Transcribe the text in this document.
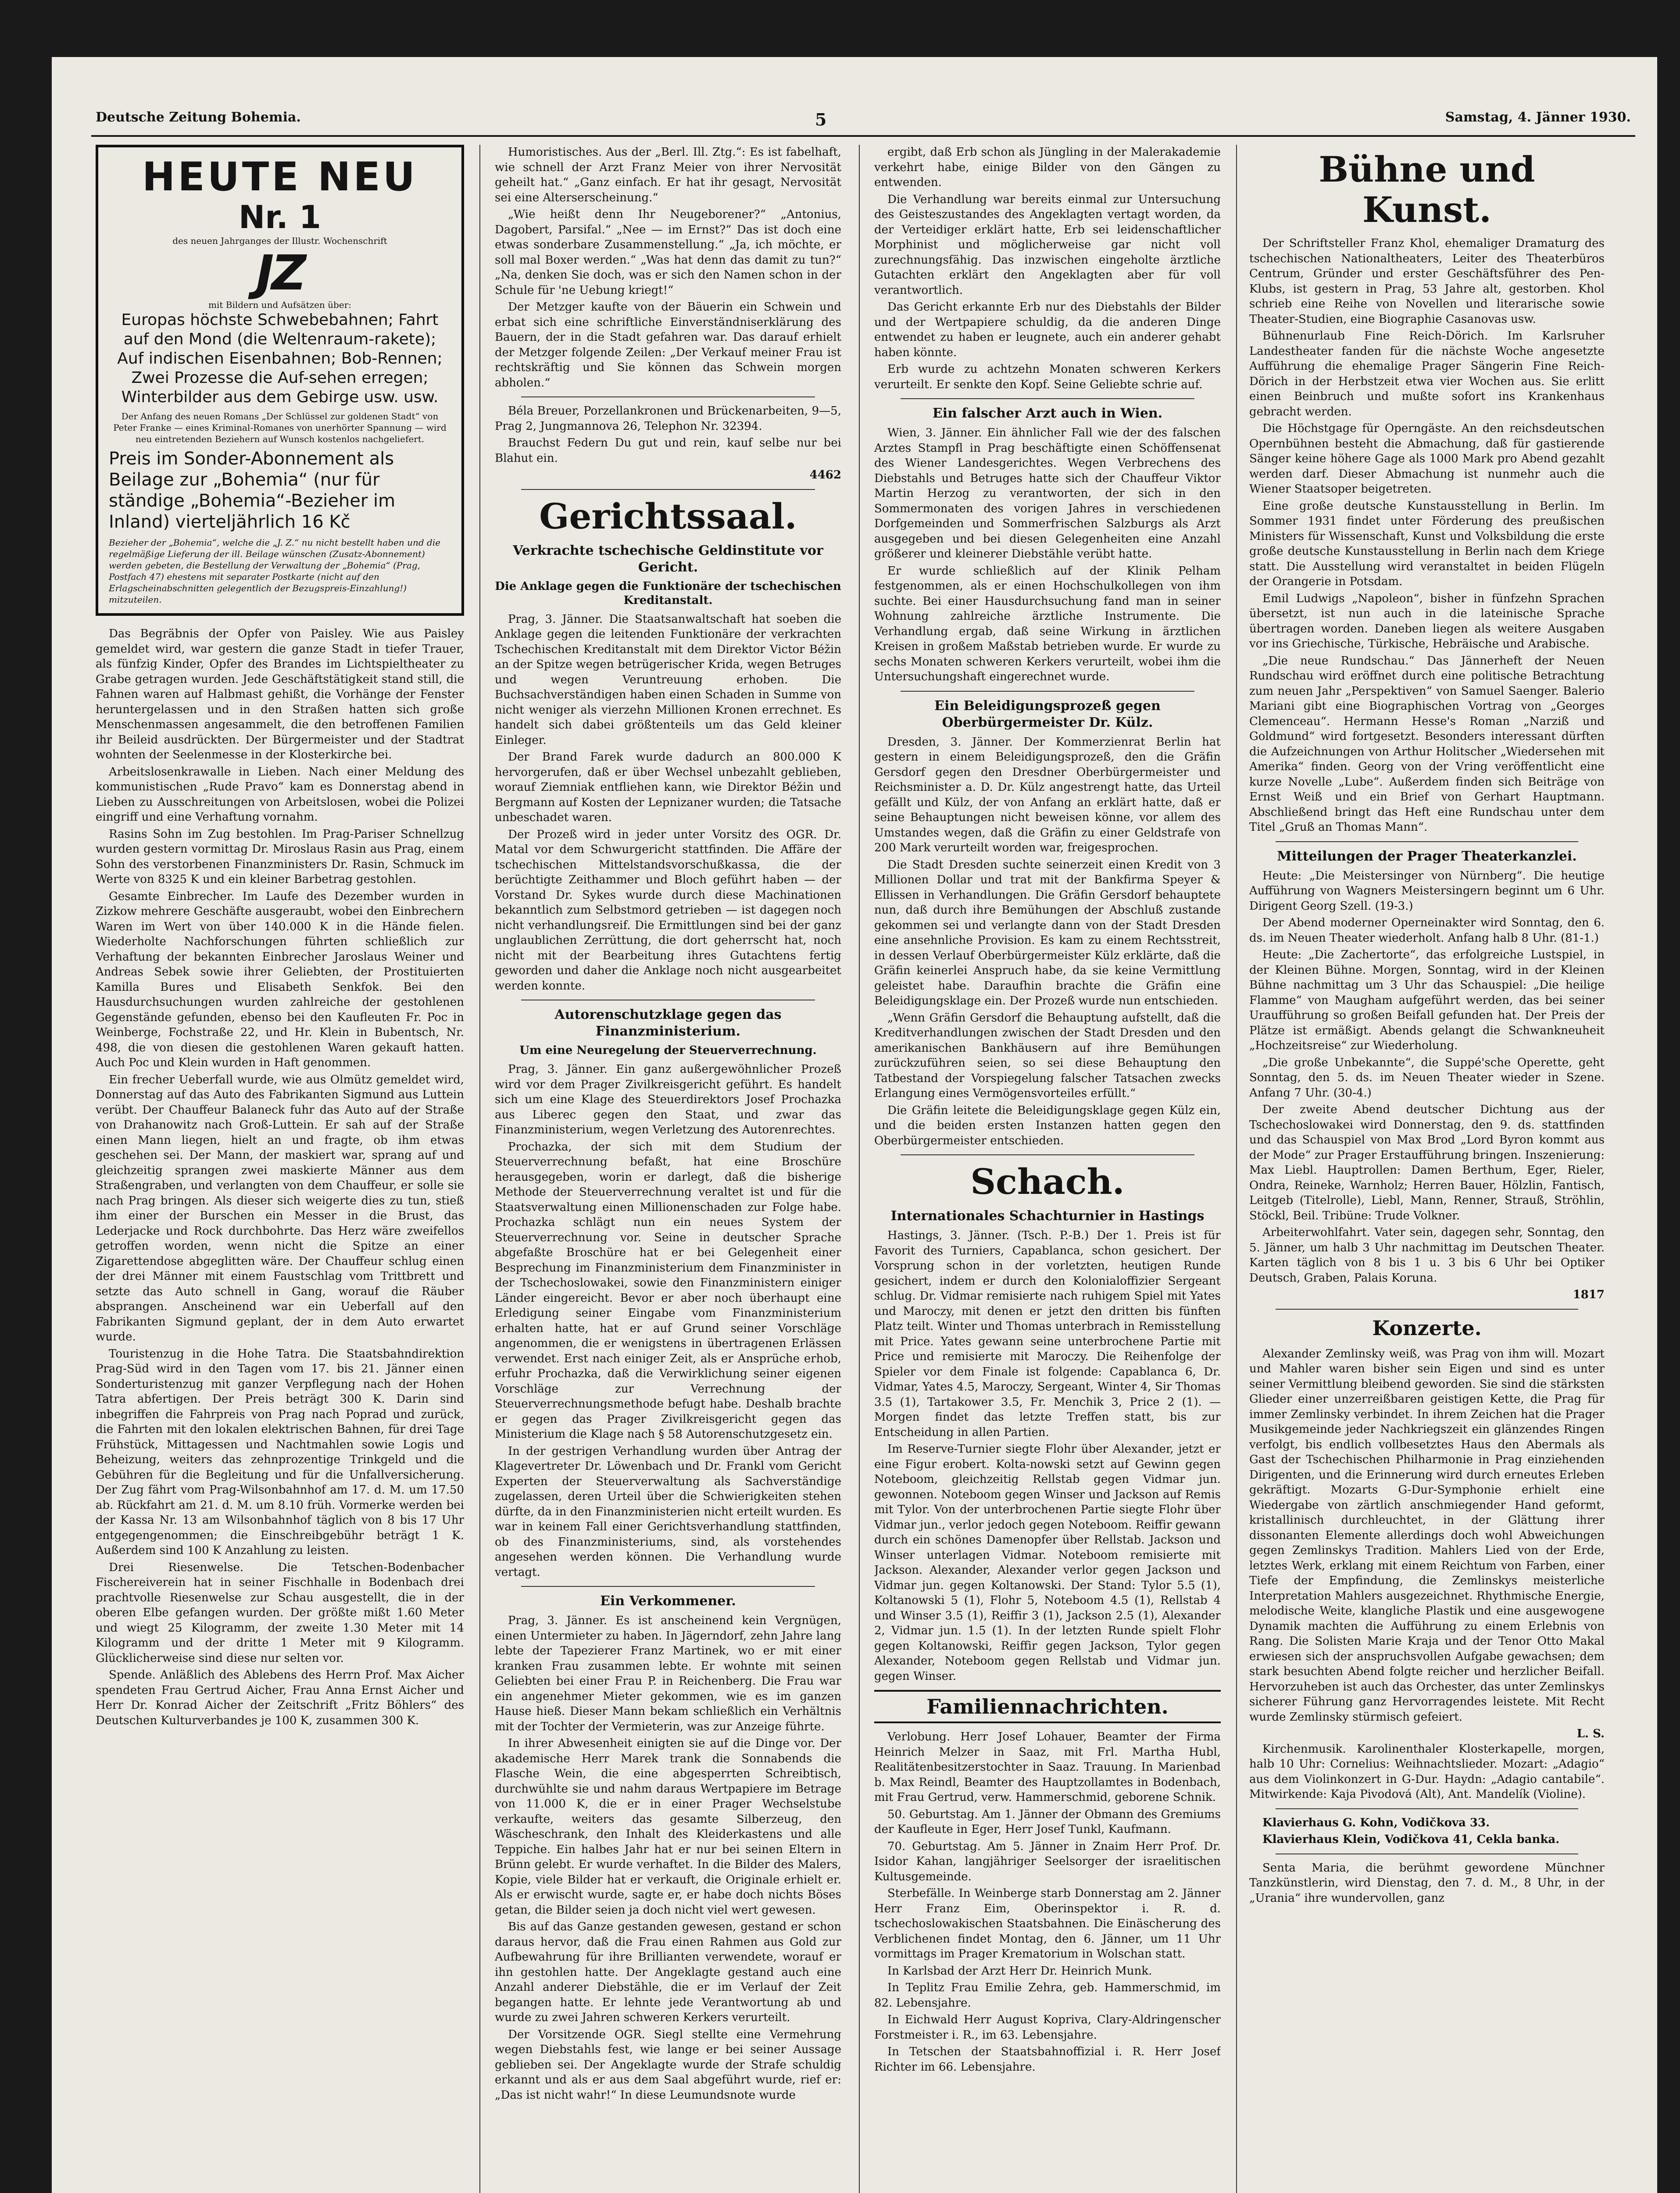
Deutsche Zeitung Bohemia.	5	Samstag, 4. Jänner 1930.
HEUTE NEU
Nr. 1
des neuen Jahrganges der Illustr. Wochenschrift
JZ
mit Bildern und Aufsätzen über:
Europas höchste Schwebebahnen; Fahrt auf den Mond (die Weltenraum-rakete); Auf indischen Eisenbahnen; Bob-Rennen; Zwei Prozesse die Auf-sehen erregen; Winterbilder aus dem Gebirge usw. usw.
Der Anfang des neuen Romans „Der Schlüssel zur goldenen Stadt“ von Peter Franke — eines Kriminal-Romanes von unerhörter Spannung — wird neu eintretenden Beziehern auf Wunsch kostenlos nachgeliefert.
Preis im Sonder-Abonnement als Beilage zur „Bohemia“ (nur für ständige „Bohemia“-Bezieher im Inland) vierteljährlich 16 Kč
Bezieher der „Bohemia“, welche die „J. Z.“ nu nicht bestellt haben und die regelmäßige Lieferung der ill. Beilage wünschen (Zusatz-Abonnement) werden gebeten, die Bestellung der Verwaltung der „Bohemia“ (Prag, Postfach 47) ehestens mit separater Postkarte (nicht auf den Erlagscheinabschnitten gelegentlich der Bezugspreis-Einzahlung!) mitzuteilen.

Das Begräbnis der Opfer von Paisley. Wie aus Paisley gemeldet wird, war gestern die ganze Stadt in tiefer Trauer, als fünfzig Kinder, Opfer des Brandes im Lichtspieltheater zu Grabe getragen wurden. Jede Geschäftstätigkeit stand still, die Fahnen waren auf Halbmast gehißt, die Vorhänge der Fenster heruntergelassen und in den Straßen hatten sich große Menschenmassen angesammelt, die den betroffenen Familien ihr Beileid ausdrückten. Der Bürgermeister und der Stadtrat wohnten der Seelenmesse in der Klosterkirche bei.

Arbeitslosenkrawalle in Lieben. Nach einer Meldung des kommunistischen „Rude Pravo“ kam es Donnerstag abend in Lieben zu Ausschreitungen von Arbeitslosen, wobei die Polizei eingriff und eine Verhaftung vornahm.

Rasins Sohn im Zug bestohlen. Im Prag-Pariser Schnellzug wurden gestern vormittag Dr. Miroslaus Rasin aus Prag, einem Sohn des verstorbenen Finanzministers Dr. Rasin, Schmuck im Werte von 8325 K und ein kleiner Barbetrag gestohlen.

Gesamte Einbrecher. Im Laufe des Dezember wurden in Zizkow mehrere Geschäfte ausgeraubt, wobei den Einbrechern Waren im Wert von über 140.000 K in die Hände fielen. Wiederholte Nachforschungen führten schließlich zur Verhaftung der bekannten Einbrecher Jaroslaus Weiner und Andreas Sebek sowie ihrer Geliebten, der Prostituierten Kamilla Bures und Elisabeth Senkfok. Bei den Hausdurchsuchungen wurden zahlreiche der gestohlenen Gegenstände gefunden, ebenso bei den Kaufleuten Fr. Poc in Weinberge, Fochstraße 22, und Hr. Klein in Bubentsch, Nr. 498, die von diesen die gestohlenen Waren gekauft hatten. Auch Poc und Klein wurden in Haft genommen.

Ein frecher Ueberfall wurde, wie aus Olmütz gemeldet wird, Donnerstag auf das Auto des Fabrikanten Sigmund aus Luttein verübt. Der Chauffeur Balaneck fuhr das Auto auf der Straße von Drahanowitz nach Groß-Luttein. Er sah auf der Straße einen Mann liegen, hielt an und fragte, ob ihm etwas geschehen sei. Der Mann, der maskiert war, sprang auf und gleichzeitig sprangen zwei maskierte Männer aus dem Straßengraben, und verlangten von dem Chauffeur, er solle sie nach Prag bringen. Als dieser sich weigerte dies zu tun, stieß ihm einer der Burschen ein Messer in die Brust, das Lederjacke und Rock durchbohrte. Das Herz wäre zweifellos getroffen worden, wenn nicht die Spitze an einer Zigarettendose abgeglitten wäre. Der Chauffeur schlug einen der drei Männer mit einem Faustschlag vom Trittbrett und setzte das Auto schnell in Gang, worauf die Räuber absprangen. Anscheinend war ein Ueberfall auf den Fabrikanten Sigmund geplant, der in dem Auto erwartet wurde.

Touristenzug in die Hohe Tatra. Die Staatsbahndirektion Prag-Süd wird in den Tagen vom 17. bis 21. Jänner einen Sonderturistenzug mit ganzer Verpflegung nach der Hohen Tatra abfertigen. Der Preis beträgt 300 K. Darin sind inbegriffen die Fahrpreis von Prag nach Poprad und zurück, die Fahrten mit den lokalen elektrischen Bahnen, für drei Tage Frühstück, Mittagessen und Nachtmahlen sowie Logis und Beheizung, weiters das zehnprozentige Trinkgeld und die Gebühren für die Begleitung und für die Unfallversicherung. Der Zug fährt vom Prag-Wilsonbahnhof am 17. d. M. um 17.50 ab. Rückfahrt am 21. d. M. um 8.10 früh. Vormerke werden bei der Kassa Nr. 13 am Wilsonbahnhof täglich von 8 bis 17 Uhr entgegengenommen; die Einschreibgebühr beträgt 1 K. Außerdem sind 100 K Anzahlung zu leisten.

Drei Riesenwelse. Die Tetschen-Bodenbacher Fischereiverein hat in seiner Fischhalle in Bodenbach drei prachtvolle Riesenwelse zur Schau ausgestellt, die in der oberen Elbe gefangen wurden. Der größte mißt 1.60 Meter und wiegt 25 Kilogramm, der zweite 1.30 Meter mit 14 Kilogramm und der dritte 1 Meter mit 9 Kilogramm. Glücklicherweise sind diese nur selten vor.

Spende. Anläßlich des Ablebens des Herrn Prof. Max Aicher spendeten Frau Gertrud Aicher, Frau Anna Ernst Aicher und Herr Dr. Konrad Aicher der Zeitschrift „Fritz Böhlers“ des Deutschen Kulturverbandes je 100 K, zusammen 300 K.

Humoristisches. Aus der „Berl. Ill. Ztg.“: Es ist fabelhaft, wie schnell der Arzt Franz Meier von ihrer Nervosität geheilt hat.“ „Ganz einfach. Er hat ihr gesagt, Nervosität sei eine Alterserscheinung.“

„Wie heißt denn Ihr Neugeborener?“ „Antonius, Dagobert, Parsifal.“ „Nee — im Ernst?“ Das ist doch eine etwas sonderbare Zusammenstellung.“ „Ja, ich möchte, er soll mal Boxer werden.“ „Was hat denn das damit zu tun?“ „Na, denken Sie doch, was er sich den Namen schon in der Schule für 'ne Uebung kriegt!“

Der Metzger kaufte von der Bäuerin ein Schwein und erbat sich eine schriftliche Einverständniserklärung des Bauern, der in die Stadt gefahren war. Das darauf erhielt der Metzger folgende Zeilen: „Der Verkauf meiner Frau ist rechtskräftig und Sie können das Schwein morgen abholen.“

Béla Breuer, Porzellankronen und Brückenarbeiten, 9—5, Prag 2, Jungmannova 26, Telephon Nr. 32394.

Brauchst Federn Du gut und rein, kauf selbe nur bei Blahut ein.

4462
Gerichtssaal.
Verkrachte tschechische Geldinstitute vor Gericht.
Die Anklage gegen die Funktionäre der tschechischen Kreditanstalt.

Prag, 3. Jänner. Die Staatsanwaltschaft hat soeben die Anklage gegen die leitenden Funktionäre der verkrachten Tschechischen Kreditanstalt mit dem Direktor Victor Béžin an der Spitze wegen betrügerischer Krida, wegen Betruges und wegen Veruntreuung erhoben. Die Buchsachverständigen haben einen Schaden in Summe von nicht weniger als vierzehn Millionen Kronen errechnet. Es handelt sich dabei größtenteils um das Geld kleiner Einleger.

Der Brand Farek wurde dadurch an 800.000 K hervorgerufen, daß er über Wechsel unbezahlt geblieben, worauf Ziemniak entfliehen kann, wie Direktor Béžin und Bergmann auf Kosten der Lepnizaner wurden; die Tatsache unbeschadet waren.

Der Prozeß wird in jeder unter Vorsitz des OGR. Dr. Matal vor dem Schwurgericht stattfinden. Die Affäre der tschechischen Mittelstandsvorschußkassa, die der berüchtigte Zeithammer und Bloch geführt haben — der Vorstand Dr. Sykes wurde durch diese Machinationen bekanntlich zum Selbstmord getrieben — ist dagegen noch nicht verhandlungsreif. Die Ermittlungen sind bei der ganz unglaublichen Zerrüttung, die dort geherrscht hat, noch nicht mit der Bearbeitung ihres Gutachtens fertig geworden und daher die Anklage noch nicht ausgearbeitet werden konnte.

Autorenschutzklage gegen das Finanzministerium.
Um eine Neuregelung der Steuerverrechnung.

Prag, 3. Jänner. Ein ganz außergewöhnlicher Prozeß wird vor dem Prager Zivilkreisgericht geführt. Es handelt sich um eine Klage des Steuerdirektors Josef Prochazka aus Liberec gegen den Staat, und zwar das Finanzministerium, wegen Verletzung des Autorenrechtes.

Prochazka, der sich mit dem Studium der Steuerverrechnung befaßt, hat eine Broschüre herausgegeben, worin er darlegt, daß die bisherige Methode der Steuerverrechnung veraltet ist und für die Staatsverwaltung einen Millionenschaden zur Folge habe. Prochazka schlägt nun ein neues System der Steuerverrechnung vor. Seine in deutscher Sprache abgefaßte Broschüre hat er bei Gelegenheit einer Besprechung im Finanzministerium dem Finanzminister in der Tschechoslowakei, sowie den Finanzministern einiger Länder eingereicht. Bevor er aber noch überhaupt eine Erledigung seiner Eingabe vom Finanzministerium erhalten hatte, hat er auf Grund seiner Vorschläge angenommen, die er wenigstens in übertragenen Erlässen verwendet. Erst nach einiger Zeit, als er Ansprüche erhob, erfuhr Prochazka, daß die Verwirklichung seiner eigenen Vorschläge zur Verrechnung der Steuerverrechnungsmethode befugt habe. Deshalb brachte er gegen das Prager Zivilkreisgericht gegen das Ministerium die Klage nach § 58 Autorenschutzgesetz ein.

In der gestrigen Verhandlung wurden über Antrag der Klagevertreter Dr. Löwenbach und Dr. Frankl vom Gericht Experten der Steuerverwaltung als Sachverständige zugelassen, deren Urteil über die Schwierigkeiten stehen dürfte, da in den Finanzministerien nicht erteilt wurden. Es war in keinem Fall einer Gerichtsverhandlung stattfinden, ob des Finanzministeriums, sind, als vorstehendes angesehen werden können. Die Verhandlung wurde vertagt.

Ein Verkommener.

Prag, 3. Jänner. Es ist anscheinend kein Vergnügen, einen Untermieter zu haben. In Jägerndorf, zehn Jahre lang lebte der Tapezierer Franz Martinek, wo er mit einer kranken Frau zusammen lebte. Er wohnte mit seinen Geliebten bei einer Frau P. in Reichenberg. Die Frau war ein angenehmer Mieter gekommen, wie es im ganzen Hause hieß. Dieser Mann bekam schließlich ein Verhältnis mit der Tochter der Vermieterin, was zur Anzeige führte.

In ihrer Abwesenheit einigten sie auf die Dinge vor. Der akademische Herr Marek trank die Sonnabends die Flasche Wein, die eine abgesperrten Schreibtisch, durchwühlte sie und nahm daraus Wertpapiere im Betrage von 11.000 K, die er in einer Prager Wechselstube verkaufte, weiters das gesamte Silberzeug, den Wäscheschrank, den Inhalt des Kleiderkastens und alle Teppiche. Ein halbes Jahr hat er nur bei seinen Eltern in Brünn gelebt. Er wurde verhaftet. In die Bilder des Malers, Kopie, viele Bilder hat er verkauft, die Originale erhielt er. Als er erwischt wurde, sagte er, er habe doch nichts Böses getan, die Bilder seien ja doch nicht viel wert gewesen.

Bis auf das Ganze gestanden gewesen, gestand er schon daraus hervor, daß die Frau einen Rahmen aus Gold zur Aufbewahrung für ihre Brillianten verwendete, worauf er ihn gestohlen hatte. Der Angeklagte gestand auch eine Anzahl anderer Diebstähle, die er im Verlauf der Zeit begangen hatte. Er lehnte jede Verantwortung ab und wurde zu zwei Jahren schweren Kerkers verurteilt.

Der Vorsitzende OGR. Siegl stellte eine Vermehrung wegen Diebstahls fest, wie lange er bei seiner Aussage geblieben sei. Der Angeklagte wurde der Strafe schuldig erkannt und als er aus dem Saal abgeführt wurde, rief er: „Das ist nicht wahr!“ In diese Leumundsnote wurde

ergibt, daß Erb schon als Jüngling in der Malerakademie verkehrt habe, einige Bilder von den Gängen zu entwenden.

Die Verhandlung war bereits einmal zur Untersuchung des Geisteszustandes des Angeklagten vertagt worden, da der Verteidiger erklärt hatte, Erb sei leidenschaftlicher Morphinist und möglicherweise gar nicht voll zurechnungsfähig. Das inzwischen eingeholte ärztliche Gutachten erklärt den Angeklagten aber für voll verantwortlich.

Das Gericht erkannte Erb nur des Diebstahls der Bilder und der Wertpapiere schuldig, da die anderen Dinge entwendet zu haben er leugnete, auch ein anderer gehabt haben könnte.

Erb wurde zu achtzehn Monaten schweren Kerkers verurteilt. Er senkte den Kopf. Seine Geliebte schrie auf.

Ein falscher Arzt auch in Wien.

Wien, 3. Jänner. Ein ähnlicher Fall wie der des falschen Arztes Stampfl in Prag beschäftigte einen Schöffensenat des Wiener Landesgerichtes. Wegen Verbrechens des Diebstahls und Betruges hatte sich der Chauffeur Viktor Martin Herzog zu verantworten, der sich in den Sommermonaten des vorigen Jahres in verschiedenen Dorfgemeinden und Sommerfrischen Salzburgs als Arzt ausgegeben und bei diesen Gelegenheiten eine Anzahl größerer und kleinerer Diebstähle verübt hatte.

Er wurde schließlich auf der Klinik Pelham festgenommen, als er einen Hochschulkollegen von ihm suchte. Bei einer Hausdurchsuchung fand man in seiner Wohnung zahlreiche ärztliche Instrumente. Die Verhandlung ergab, daß seine Wirkung in ärztlichen Kreisen in großem Maßstab betrieben wurde. Er wurde zu sechs Monaten schweren Kerkers verurteilt, wobei ihm die Untersuchungshaft eingerechnet wurde.

Ein Beleidigungsprozeß gegen Oberbürgermeister Dr. Külz.

Dresden, 3. Jänner. Der Kommerzienrat Berlin hat gestern in einem Beleidigungsprozeß, den die Gräfin Gersdorf gegen den Dresdner Oberbürgermeister und Reichsminister a. D. Dr. Külz angestrengt hatte, das Urteil gefällt und Külz, der von Anfang an erklärt hatte, daß er seine Behauptungen nicht beweisen könne, vor allem des Umstandes wegen, daß die Gräfin zu einer Geldstrafe von 200 Mark verurteilt worden war, freigesprochen.

Die Stadt Dresden suchte seinerzeit einen Kredit von 3 Millionen Dollar und trat mit der Bankfirma Speyer & Ellissen in Verhandlungen. Die Gräfin Gersdorf behauptete nun, daß durch ihre Bemühungen der Abschluß zustande gekommen sei und verlangte dann von der Stadt Dresden eine ansehnliche Provision. Es kam zu einem Rechtsstreit, in dessen Verlauf Oberbürgermeister Külz erklärte, daß die Gräfin keinerlei Anspruch habe, da sie keine Vermittlung geleistet habe. Daraufhin brachte die Gräfin eine Beleidigungsklage ein. Der Prozeß wurde nun entschieden.

„Wenn Gräfin Gersdorf die Behauptung aufstellt, daß die Kreditverhandlungen zwischen der Stadt Dresden und den amerikanischen Bankhäusern auf ihre Bemühungen zurückzuführen seien, so sei diese Behauptung den Tatbestand der Vorspiegelung falscher Tatsachen zwecks Erlangung eines Vermögensvorteiles erfüllt.“

Die Gräfin leitete die Beleidigungsklage gegen Külz ein, und die beiden ersten Instanzen hatten gegen den Oberbürgermeister entschieden.

Schach.
Internationales Schachturnier in Hastings

Hastings, 3. Jänner. (Tsch. P.-B.) Der 1. Preis ist für Favorit des Turniers, Capablanca, schon gesichert. Der Vorsprung schon in der vorletzten, heutigen Runde gesichert, indem er durch den Kolonialoffizier Sergeant schlug. Dr. Vidmar remisierte nach ruhigem Spiel mit Yates und Maroczy, mit denen er jetzt den dritten bis fünften Platz teilt. Winter und Thomas unterbrach in Remisstellung mit Price. Yates gewann seine unterbrochene Partie mit Price und remisierte mit Maroczy. Die Reihenfolge der Spieler vor dem Finale ist folgende: Capablanca 6, Dr. Vidmar, Yates 4.5, Maroczy, Sergeant, Winter 4, Sir Thomas 3.5 (1), Tartakower 3.5, Fr. Menchik 3, Price 2 (1). — Morgen findet das letzte Treffen statt, bis zur Entscheidung in allen Partien.

Im Reserve-Turnier siegte Flohr über Alexander, jetzt er eine Figur erobert. Kolta-nowski setzt auf Gewinn gegen Noteboom, gleichzeitig Rellstab gegen Vidmar jun. gewonnen. Noteboom gegen Winser und Jackson auf Remis mit Tylor. Von der unterbrochenen Partie siegte Flohr über Vidmar jun., verlor jedoch gegen Noteboom. Reiffir gewann durch ein schönes Damenopfer über Rellstab. Jackson und Winser unterlagen Vidmar. Noteboom remisierte mit Jackson. Alexander, Alexander verlor gegen Jackson und Vidmar jun. gegen Koltanowski. Der Stand: Tylor 5.5 (1), Koltanowski 5 (1), Flohr 5, Noteboom 4.5 (1), Rellstab 4 und Winser 3.5 (1), Reiffir 3 (1), Jackson 2.5 (1), Alexander 2, Vidmar jun. 1.5 (1). In der letzten Runde spielt Flohr gegen Koltanowski, Reiffir gegen Jackson, Tylor gegen Alexander, Noteboom gegen Rellstab und Vidmar jun. gegen Winser.

Familiennachrichten.

Verlobung. Herr Josef Lohauer, Beamter der Firma Heinrich Melzer in Saaz, mit Frl. Martha Hubl, Realitätenbesitzerstochter in Saaz. Trauung. In Marienbad b. Max Reindl, Beamter des Hauptzollamtes in Bodenbach, mit Frau Gertrud, verw. Hammerschmid, geborene Schnik.

50. Geburtstag. Am 1. Jänner der Obmann des Gremiums der Kaufleute in Eger, Herr Josef Tunkl, Kaufmann.

70. Geburtstag. Am 5. Jänner in Znaim Herr Prof. Dr. Isidor Kahan, langjähriger Seelsorger der israelitischen Kultusgemeinde.

Sterbefälle. In Weinberge starb Donnerstag am 2. Jänner Herr Franz Eim, Oberinspektor i. R. d. tschechoslowakischen Staatsbahnen. Die Einäscherung des Verblichenen findet Montag, den 6. Jänner, um 11 Uhr vormittags im Prager Krematorium in Wolschan statt.

In Karlsbad der Arzt Herr Dr. Heinrich Munk.

In Teplitz Frau Emilie Zehra, geb. Hammerschmid, im 82. Lebensjahre.

In Eichwald Herr August Kopriva, Clary-Aldringenscher Forstmeister i. R., im 63. Lebensjahre.

In Tetschen der Staatsbahnoffizial i. R. Herr Josef Richter im 66. Lebensjahre.

Bühne und Kunst.

Der Schriftsteller Franz Khol, ehemaliger Dramaturg des tschechischen Nationaltheaters, Leiter des Theaterbüros Centrum, Gründer und erster Geschäftsführer des Pen-Klubs, ist gestern in Prag, 53 Jahre alt, gestorben. Khol schrieb eine Reihe von Novellen und literarische sowie Theater-Studien, eine Biographie Casanovas usw.

Bühnenurlaub Fine Reich-Dörich. Im Karlsruher Landestheater fanden für die nächste Woche angesetzte Aufführung die ehemalige Prager Sängerin Fine Reich-Dörich in der Herbstzeit etwa vier Wochen aus. Sie erlitt einen Beinbruch und mußte sofort ins Krankenhaus gebracht werden.

Die Höchstgage für Operngäste. An den reichsdeutschen Opernbühnen besteht die Abmachung, daß für gastierende Sänger keine höhere Gage als 1000 Mark pro Abend gezahlt werden darf. Dieser Abmachung ist nunmehr auch die Wiener Staatsoper beigetreten.

Eine große deutsche Kunstausstellung in Berlin. Im Sommer 1931 findet unter Förderung des preußischen Ministers für Wissenschaft, Kunst und Volksbildung die erste große deutsche Kunstausstellung in Berlin nach dem Kriege statt. Die Ausstellung wird veranstaltet in beiden Flügeln der Orangerie in Potsdam.

Emil Ludwigs „Napoleon“, bisher in fünfzehn Sprachen übersetzt, ist nun auch in die lateinische Sprache übertragen worden. Daneben liegen als weitere Ausgaben vor ins Griechische, Türkische, Hebräische und Arabische.

„Die neue Rundschau.“ Das Jännerheft der Neuen Rundschau wird eröffnet durch eine politische Betrachtung zum neuen Jahr „Perspektiven“ von Samuel Saenger. Balerio Mariani gibt eine Biographischen Vortrag von „Georges Clemenceau“. Hermann Hesse's Roman „Narziß und Goldmund“ wird fortgesetzt. Besonders interessant dürften die Aufzeichnungen von Arthur Holitscher „Wiedersehen mit Amerika“ finden. Georg von der Vring veröffentlicht eine kurze Novelle „Lube“. Außerdem finden sich Beiträge von Ernst Weiß und ein Brief von Gerhart Hauptmann. Abschließend bringt das Heft eine Rundschau unter dem Titel „Gruß an Thomas Mann“.

Mitteilungen der Prager Theaterkanzlei.

Heute: „Die Meistersinger von Nürnberg“. Die heutige Aufführung von Wagners Meistersingern beginnt um 6 Uhr. Dirigent Georg Szell. (19-3.)

Der Abend moderner Operneinakter wird Sonntag, den 6. ds. im Neuen Theater wiederholt. Anfang halb 8 Uhr. (81-1.)

Heute: „Die Zachertorte“, das erfolgreiche Lustspiel, in der Kleinen Bühne. Morgen, Sonntag, wird in der Kleinen Bühne nachmittag um 3 Uhr das Schauspiel: „Die heilige Flamme“ von Maugham aufgeführt werden, das bei seiner Uraufführung so großen Beifall gefunden hat. Der Preis der Plätze ist ermäßigt. Abends gelangt die Schwankneuheit „Hochzeitsreise“ zur Wiederholung.

„Die große Unbekannte“, die Suppé'sche Operette, geht Sonntag, den 5. ds. im Neuen Theater wieder in Szene. Anfang 7 Uhr. (30-4.)

Der zweite Abend deutscher Dichtung aus der Tschechoslowakei wird Donnerstag, den 9. ds. stattfinden und das Schauspiel von Max Brod „Lord Byron kommt aus der Mode“ zur Prager Erstaufführung bringen. Inszenierung: Max Liebl. Hauptrollen: Damen Berthum, Eger, Rieler, Ondra, Reineke, Warnholz; Herren Bauer, Hölzlin, Fantisch, Leitgeb (Titelrolle), Liebl, Mann, Renner, Strauß, Ströhlin, Stöckl, Beil. Tribüne: Trude Volkner.

Arbeiterwohlfahrt. Vater sein, dagegen sehr, Sonntag, den 5. Jänner, um halb 3 Uhr nachmittag im Deutschen Theater. Karten täglich von 8 bis 1 u. 3 bis 6 Uhr bei Optiker Deutsch, Graben, Palais Koruna.

1817
Konzerte.

Alexander Zemlinsky weiß, was Prag von ihm will. Mozart und Mahler waren bisher sein Eigen und sind es unter seiner Vermittlung bleibend geworden. Sie sind die stärksten Glieder einer unzerreißbaren geistigen Kette, die Prag für immer Zemlinsky verbindet. In ihrem Zeichen hat die Prager Musikgemeinde jeder Nachkriegszeit ein glänzendes Ringen verfolgt, bis endlich vollbesetztes Haus den Abermals als Gast der Tschechischen Philharmonie in Prag einziehenden Dirigenten, und die Erinnerung wird durch erneutes Erleben gekräftigt. Mozarts G-Dur-Symphonie erhielt eine Wiedergabe von zärtlich anschmiegender Hand geformt, kristallinisch durchleuchtet, in der Glättung ihrer dissonanten Elemente allerdings doch wohl Abweichungen gegen Zemlinskys Tradition. Mahlers Lied von der Erde, letztes Werk, erklang mit einem Reichtum von Farben, einer Tiefe der Empfindung, die Zemlinskys meisterliche Interpretation Mahlers ausgezeichnet. Rhythmische Energie, melodische Weite, klangliche Plastik und eine ausgewogene Dynamik machten die Aufführung zu einem Erlebnis von Rang. Die Solisten Marie Kraja und der Tenor Otto Makal erwiesen sich der anspruchsvollen Aufgabe gewachsen; dem stark besuchten Abend folgte reicher und herzlicher Beifall. Hervorzuheben ist auch das Orchester, das unter Zemlinskys sicherer Führung ganz Hervorragendes leistete. Mit Recht wurde Zemlinsky stürmisch gefeiert.

L. S.

Kirchenmusik. Karolinenthaler Klosterkapelle, morgen, halb 10 Uhr: Cornelius: Weihnachtslieder. Mozart: „Adagio“ aus dem Violinkonzert in G-Dur. Haydn: „Adagio cantabile“. Mitwirkende: Kaja Pivodová (Alt), Ant. Mandelík (Violine).

Klavierhaus G. Kohn, Vodičkova 33.

Klavierhaus Klein, Vodičkova 41, Cekla banka.

Senta Maria, die berühmt gewordene Münchner Tanzkünstlerin, wird Dienstag, den 7. d. M., 8 Uhr, in der „Urania“ ihre wundervollen, ganz
